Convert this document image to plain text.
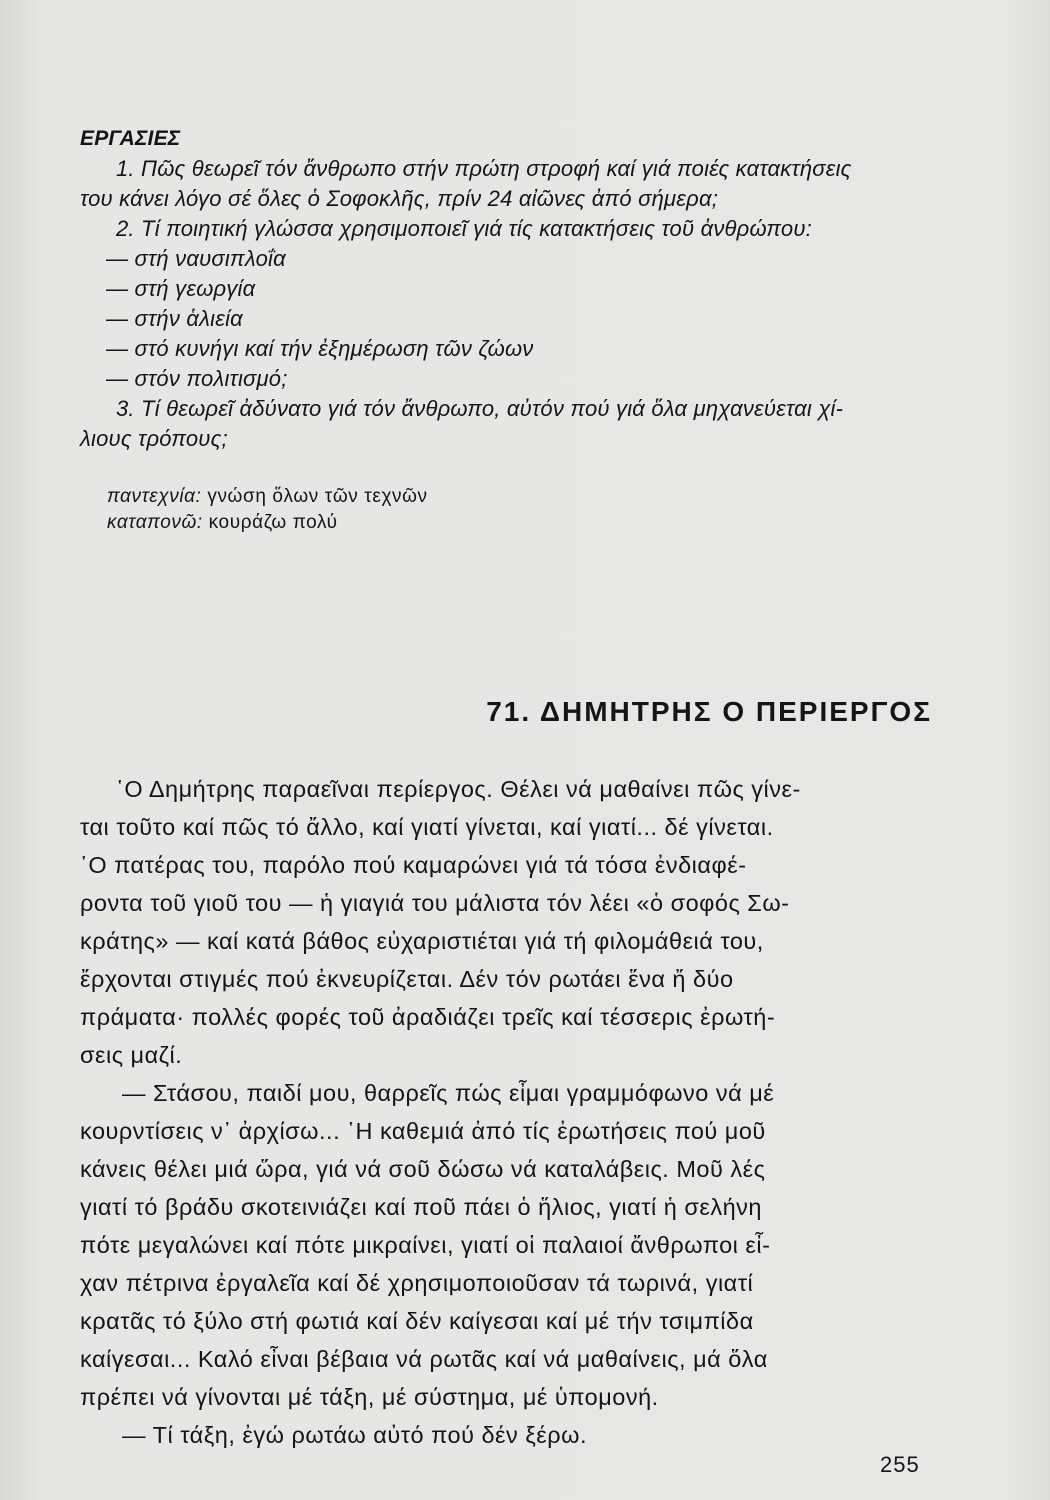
ΕΡΓΑΣΙΕΣ

1. Πῶς θεωρεῖ τόν ἄνθρωπο στήν πρώτη στροφή καί γιά ποιές κατακτήσεις

του κάνει λόγο σέ ὅλες ὁ Σοφοκλῆς, πρίν 24 αἰῶνες ἀπό σήμερα;

2. Τί ποιητική γλώσσα χρησιμοποιεῖ γιά τίς κατακτήσεις τοῦ ἀνθρώπου:

— στή ναυσιπλοΐα

— στή γεωργία

— στήν ἁλιεία

— στό κυνήγι καί τήν ἐξημέρωση τῶν ζώων

— στόν πολιτισμό;

3. Τί θεωρεῖ ἀδύνατο γιά τόν ἄνθρωπο, αὐτόν πού γιά ὅλα μηχανεύεται χί-

λιους τρόπους;

παντεχνία: γνώση ὅλων τῶν τεχνῶν

καταπονῶ: κουράζω πολύ

71. ΔΗΜΗΤΡΗΣ Ο ΠΕΡΙΕΡΓΟΣ

῾Ο Δημήτρης παραεῖναι περίεργος. Θέλει νά μαθαίνει πῶς γίνε-

ται τοῦτο καί πῶς τό ἄλλο, καί γιατί γίνεται, καί γιατί... δέ γίνεται.

῾Ο πατέρας του, παρόλο πού καμαρώνει γιά τά τόσα ἐνδιαφέ-

ροντα τοῦ γιοῦ του — ἡ γιαγιά του μάλιστα τόν λέει «ὁ σοφός Σω-

κράτης» — καί κατά βάθος εὐχαριστιέται γιά τή φιλομάθειά του,

ἔρχονται στιγμές πού ἐκνευρίζεται. Δέν τόν ρωτάει ἕνα ἤ δύο

πράματα· πολλές φορές τοῦ ἀραδιάζει τρεῖς καί τέσσερις ἐρωτή-

σεις μαζί.

— Στάσου, παιδί μου, θαρρεῖς πώς εἶμαι γραμμόφωνο νά μέ

κουρντίσεις ν᾿ ἀρχίσω... ῾Η καθεμιά ἀπό τίς ἐρωτήσεις πού μοῦ

κάνεις θέλει μιά ὥρα, γιά νά σοῦ δώσω νά καταλάβεις. Μοῦ λές

γιατί τό βράδυ σκοτεινιάζει καί ποῦ πάει ὁ ἥλιος, γιατί ἡ σελήνη

πότε μεγαλώνει καί πότε μικραίνει, γιατί οἱ παλαιοί ἄνθρωποι εἶ-

χαν πέτρινα ἐργαλεῖα καί δέ χρησιμοποιοῦσαν τά τωρινά, γιατί

κρατᾶς τό ξύλο στή φωτιά καί δέν καίγεσαι καί μέ τήν τσιμπίδα

καίγεσαι... Καλό εἶναι βέβαια νά ρωτᾶς καί νά μαθαίνεις, μά ὅλα

πρέπει νά γίνονται μέ τάξη, μέ σύστημα, μέ ὑπομονή.

— Τί τάξη, ἐγώ ρωτάω αὐτό πού δέν ξέρω.

255
